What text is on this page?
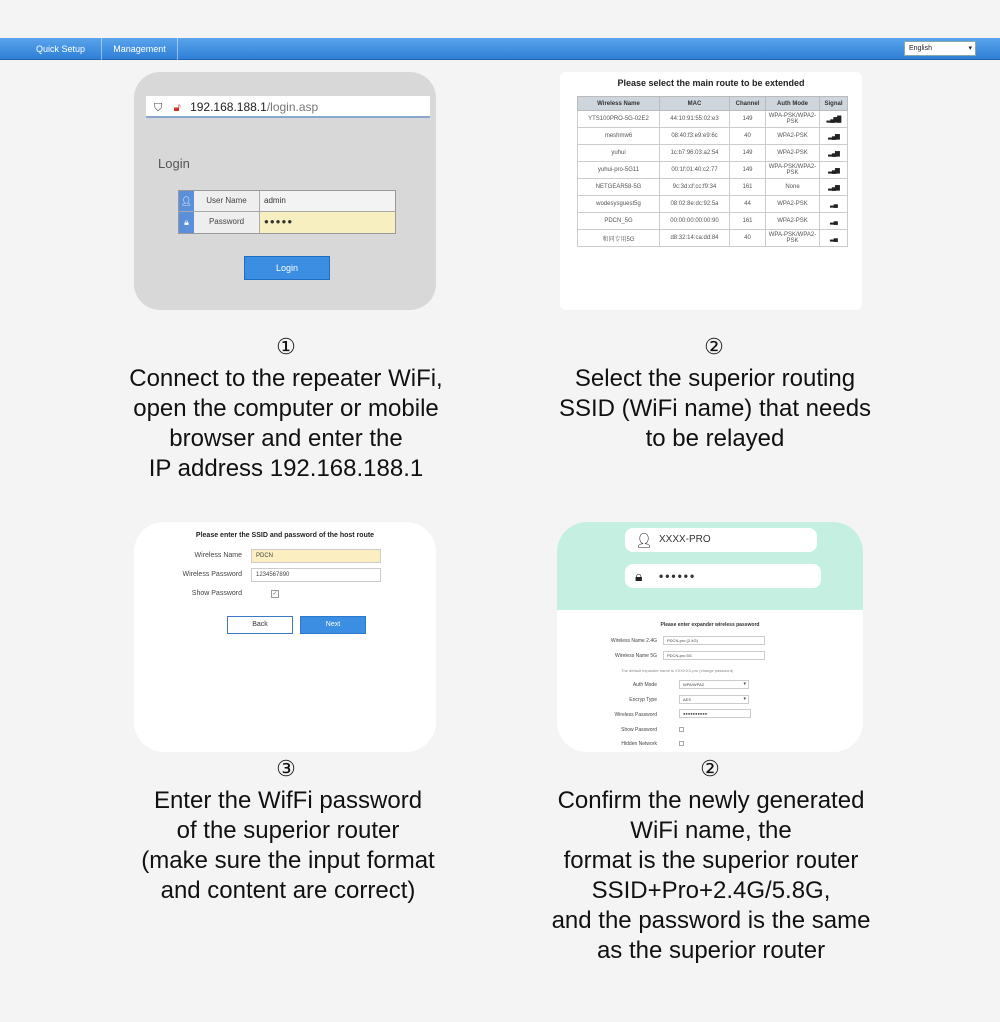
Quick Setup	Management	English	▾
⛉ 🔓︎ 192.168.188.1/login.asp
Login
👤︎	User Name	admin
🔒︎	Password	●●●●●
Login
Please select the main route to be extended
Wireless Name	MAC	Channel	Auth Mode	Signal
YTS100PRO-5G-02E2	44:10:91:55:02:e3	149	WPA-PSK/WPA2-PSK	▂▄▆█
meshmw6	08:40:f3:e9:e9:6c	40	WPA2-PSK	▂▄▆
yuhui	1c:b7:96:03:a2:54	149	WPA2-PSK	▂▄▆
yuhui-pro-5G11	00:1f:01:40:c2:77	149	WPA-PSK/WPA2-PSK	▂▄▆
NETGEAR58-5G	9c:3d:cf:cc:f9:34	161	None	▂▄▆
wodesysguest5g	08:02:8e:dc:92:5a	44	WPA2-PSK	▂▄
PDCN_5G	00:00:00:00:00:90	161	WPA2-PSK	▂▄
和同专用5G	d8:32:14:ca:dd:84	40	WPA-PSK/WPA2-PSK	▂▄
①
Connect to the repeater WiFi,
open the computer or mobile
browser and enter the
IP address 192.168.188.1
②
Select the superior routing
SSID (WiFi name) that needs
to be relayed
Please enter the SSID and password of the host route
Wireless Name	PDCN
Wireless Password	1234567890
Show Password	✓
Back	Next
👤︎ XXXX-PRO
🔒︎ ••••••
Please enter expander wireless password
Wireless Name 2.4G	PDCN-pro (2.4G)
Wireless Name 5G	PDCN-pro 5G
The default expander name is XXXXXX-pro (change password)
Auth Mode	WPA/WPA2 ▾
Encryp Type	AES ▾
Wireless Password	●●●●●●●●●●
Show Password
Hidden Network
③
Enter the WifFi password
of the superior router
(make sure the input format
and content are correct)
②
Confirm the newly generated
WiFi name, the
format is the superior router
SSID+Pro+2.4G/5.8G,
and the password is the same
as the superior router
